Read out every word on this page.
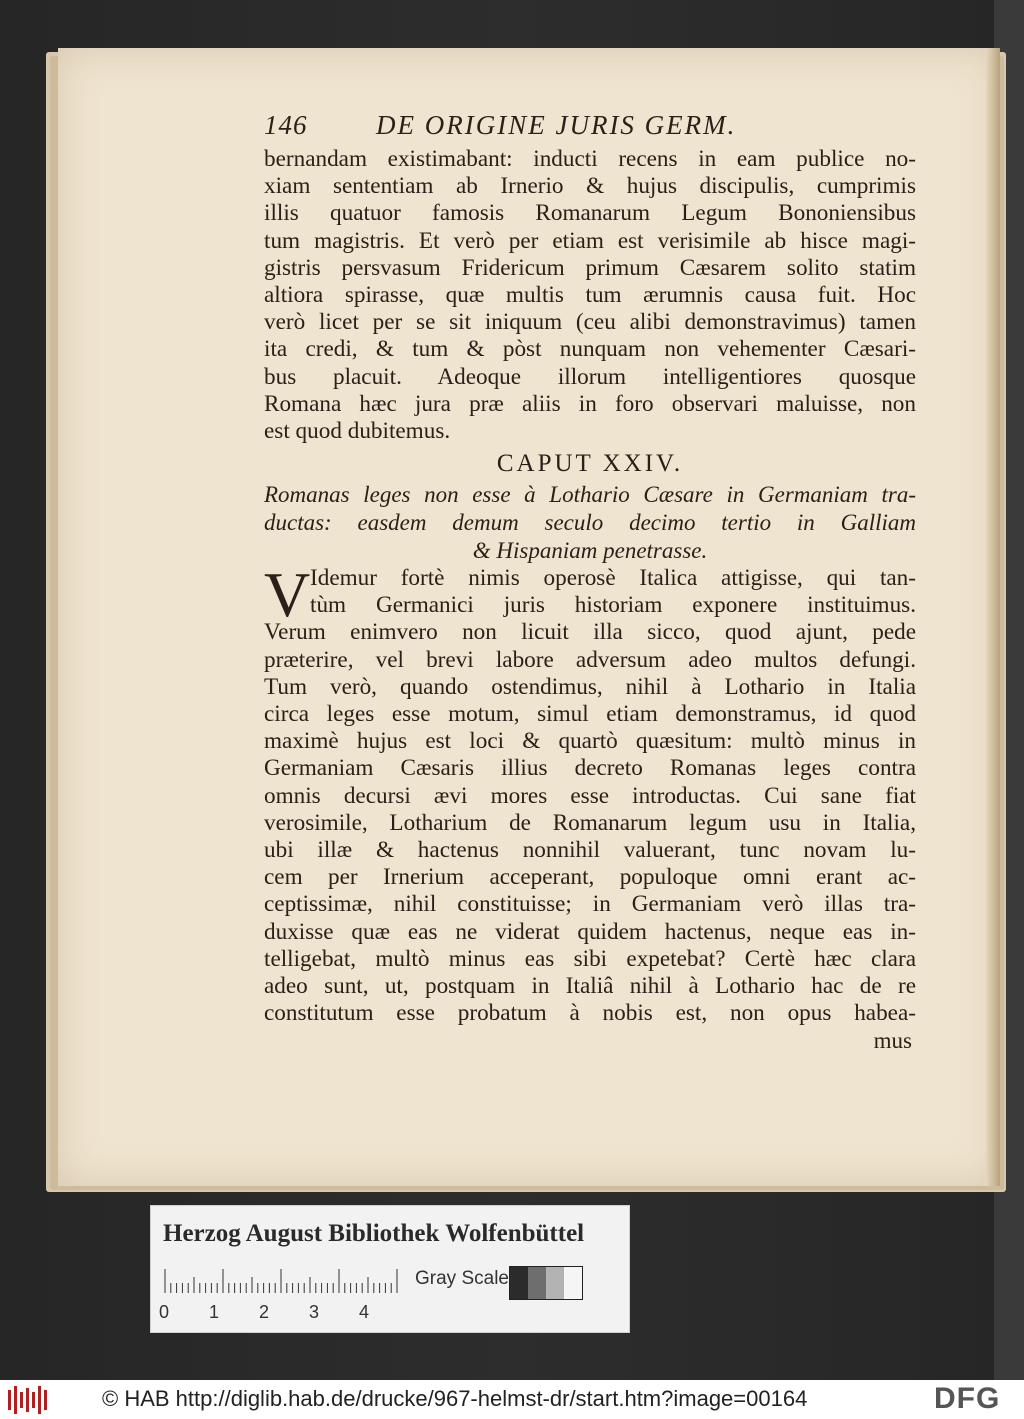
146	DE ORIGINE JURIS GERM.
bernandam existimabant: inducti recens in eam publice no-
xiam sententiam ab Irnerio & hujus discipulis, cumprimis
illis quatuor famosis Romanarum Legum Bononiensibus
tum magistris. Et verò per etiam est verisimile ab hisce magi-
gistris persvasum Fridericum primum Cæsarem solito statim
altiora spirasse, quæ multis tum ærumnis causa fuit. Hoc
verò licet per se sit iniquum (ceu alibi demonstravimus) tamen
ita credi, & tum & pòst nunquam non vehementer Cæsari-
bus placuit. Adeoque illorum intelligentiores quosque
Romana hæc jura præ aliis in foro observari maluisse, non
est quod dubitemus.
CAPUT XXIV.
Romanas leges non esse à Lothario Cæsare in Germaniam tra-
ductas: easdem demum seculo decimo tertio in Galliam
& Hispaniam penetrasse.
V Idemur fortè nimis operosè Italica attigisse, qui tan-
tùm Germanici juris historiam exponere instituimus.
Verum enimvero non licuit illa sicco, quod ajunt, pede
præterire, vel brevi labore adversum adeo multos defungi.
Tum verò, quando ostendimus, nihil à Lothario in Italia
circa leges esse motum, simul etiam demonstramus, id quod
maximè hujus est loci & quartò quæsitum: multò minus in
Germaniam Cæsaris illius decreto Romanas leges contra
omnis decursi ævi mores esse introductas. Cui sane fiat
verosimile, Lotharium de Romanarum legum usu in Italia,
ubi illæ & hactenus nonnihil valuerant, tunc novam lu-
cem per Irnerium acceperant, populoque omni erant ac-
ceptissimæ, nihil constituisse; in Germaniam verò illas tra-
duxisse quæ eas ne viderat quidem hactenus, neque eas in-
telligebat, multò minus eas sibi expetebat? Certè hæc clara
adeo sunt, ut, postquam in Italiâ nihil à Lothario hac de re
constitutum esse probatum à nobis est, non opus habea-
mus
Herzog August Bibliothek Wolfenbüttel
0	1	2	3	4
Gray Scale
© HAB http://diglib.hab.de/drucke/967-helmst-dr/start.htm?image=00164	DFG
